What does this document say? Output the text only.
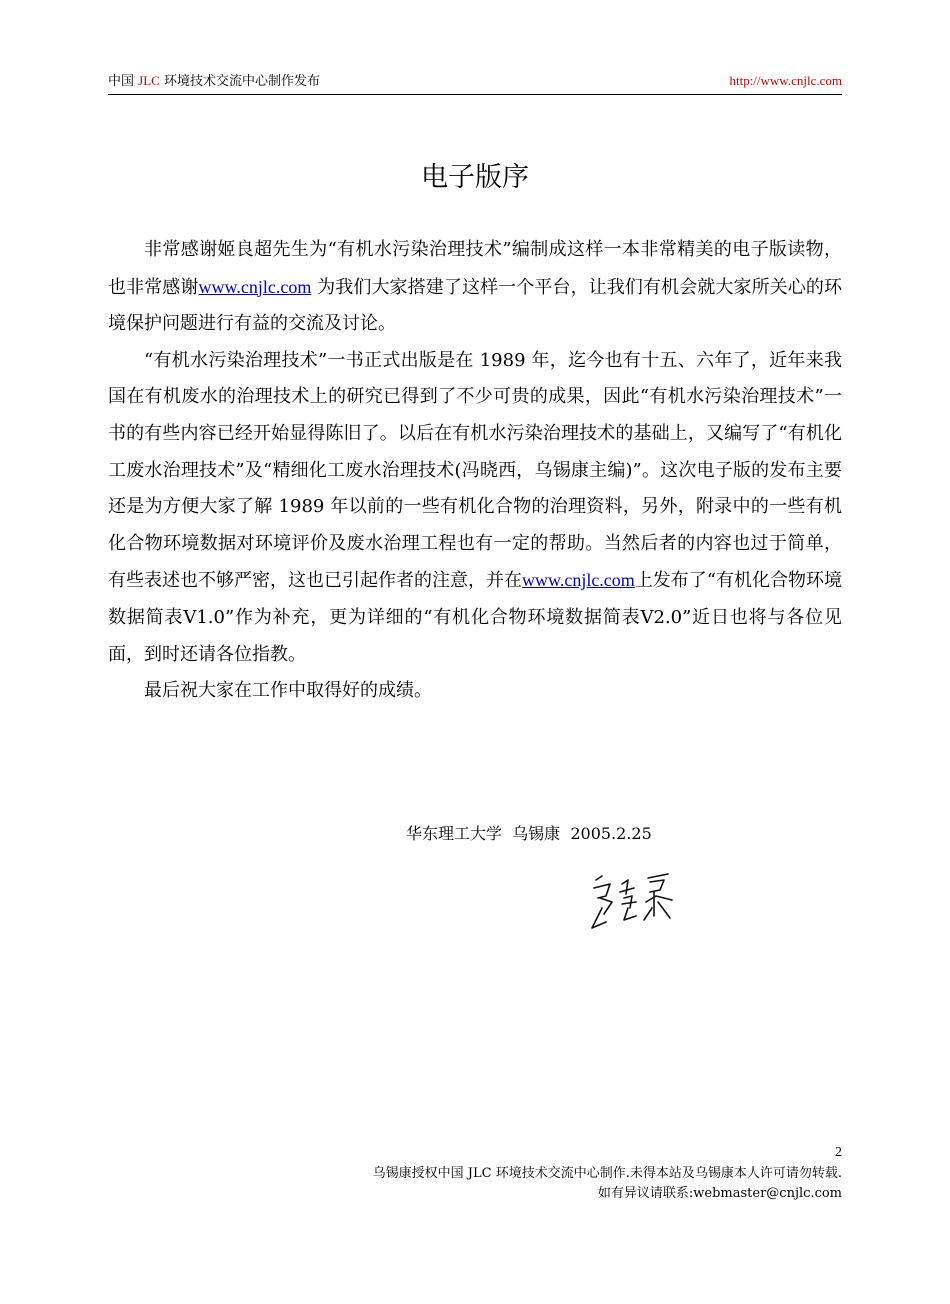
中国 JLC 环境技术交流中心制作发布	http://www.cnjlc.com
电子版序

非常感谢姬良超先生为“有机水污染治理技术”编制成这样一本非常精美的电子版读物，也非常感谢www.cnjlc.com 为我们大家搭建了这样一个平台，让我们有机会就大家所关心的环境保护问题进行有益的交流及讨论。

“有机水污染治理技术”一书正式出版是在 1989 年，迄今也有十五、六年了，近年来我国在有机废水的治理技术上的研究已得到了不少可贵的成果，因此“有机水污染治理技术”一书的有些内容已经开始显得陈旧了。以后在有机水污染治理技术的基础上，又编写了“有机化工废水治理技术”及“精细化工废水治理技术(冯晓西，乌锡康主编)”。这次电子版的发布主要还是为方便大家了解 1989 年以前的一些有机化合物的治理资料，另外，附录中的一些有机化合物环境数据对环境评价及废水治理工程也有一定的帮助。当然后者的内容也过于简单，有些表述也不够严密，这也已引起作者的注意，并在www.cnjlc.com上发布了“有机化合物环境数据简表V1.0”作为补充，更为详细的“有机化合物环境数据简表V2.0”近日也将与各位见面，到时还请各位指教。

最后祝大家在工作中取得好的成绩。

华东理工大学  乌锡康  2005.2.25
2
乌锡康授权中国 JLC 环境技术交流中心制作.未得本站及乌锡康本人许可请勿转载.
如有异议请联系:webmaster@cnjlc.com
